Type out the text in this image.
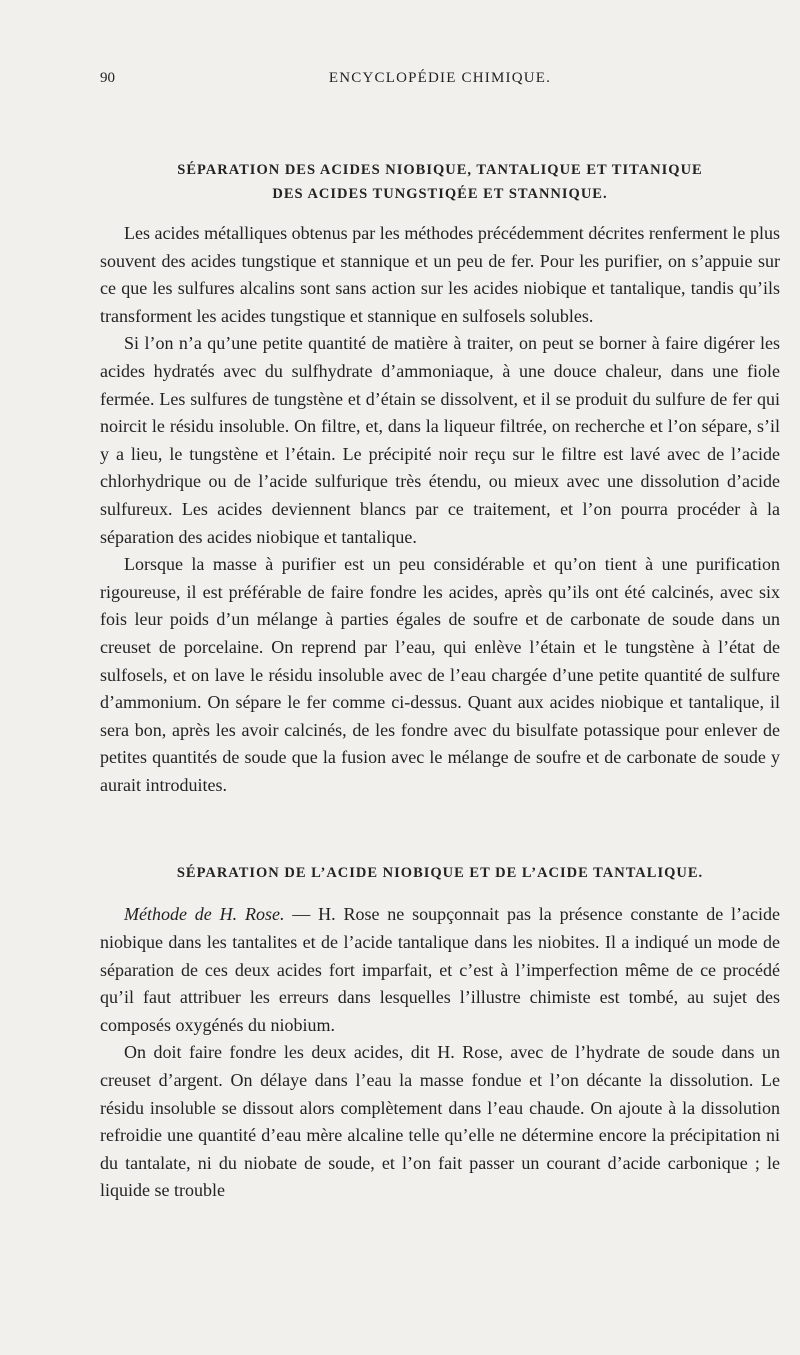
90	ENCYCLOPÉDIE CHIMIQUE.

SÉPARATION DES ACIDES NIOBIQUE, TANTALIQUE ET TITANIQUE
DES ACIDES TUNGSTIQÉE ET STANNIQUE.

Les acides métalliques obtenus par les méthodes précédemment décrites renferment le plus souvent des acides tungstique et stannique et un peu de fer. Pour les purifier, on s’appuie sur ce que les sulfures alcalins sont sans action sur les acides niobique et tantalique, tandis qu’ils transforment les acides tungstique et stannique en sulfosels solubles.

Si l’on n’a qu’une petite quantité de matière à traiter, on peut se borner à faire digérer les acides hydratés avec du sulfhydrate d’ammoniaque, à une douce chaleur, dans une fiole fermée. Les sulfures de tungstène et d’étain se dissolvent, et il se produit du sulfure de fer qui noircit le résidu insoluble. On filtre, et, dans la liqueur filtrée, on recherche et l’on sépare, s’il y a lieu, le tungstène et l’étain. Le précipité noir reçu sur le filtre est lavé avec de l’acide chlorhydrique ou de l’acide sulfurique très étendu, ou mieux avec une dissolution d’acide sulfureux. Les acides deviennent blancs par ce traitement, et l’on pourra procéder à la séparation des acides niobique et tantalique.

Lorsque la masse à purifier est un peu considérable et qu’on tient à une purification rigoureuse, il est préférable de faire fondre les acides, après qu’ils ont été calcinés, avec six fois leur poids d’un mélange à parties égales de soufre et de carbonate de soude dans un creuset de porcelaine. On reprend par l’eau, qui enlève l’étain et le tungstène à l’état de sulfosels, et on lave le résidu insoluble avec de l’eau chargée d’une petite quantité de sulfure d’ammonium. On sépare le fer comme ci-dessus. Quant aux acides niobique et tantalique, il sera bon, après les avoir calcinés, de les fondre avec du bisulfate potassique pour enlever de petites quantités de soude que la fusion avec le mélange de soufre et de carbonate de soude y aurait introduites.

SÉPARATION DE L’ACIDE NIOBIQUE ET DE L’ACIDE TANTALIQUE.

Méthode de H. Rose. — H. Rose ne soupçonnait pas la présence constante de l’acide niobique dans les tantalites et de l’acide tantalique dans les niobites. Il a indiqué un mode de séparation de ces deux acides fort imparfait, et c’est à l’imperfection même de ce procédé qu’il faut attribuer les erreurs dans lesquelles l’illustre chimiste est tombé, au sujet des composés oxygénés du niobium.

On doit faire fondre les deux acides, dit H. Rose, avec de l’hydrate de soude dans un creuset d’argent. On délaye dans l’eau la masse fondue et l’on décante la dissolution. Le résidu insoluble se dissout alors complètement dans l’eau chaude. On ajoute à la dissolution refroidie une quantité d’eau mère alcaline telle qu’elle ne détermine encore la précipitation ni du tantalate, ni du niobate de soude, et l’on fait passer un courant d’acide carbonique ; le liquide se trouble
